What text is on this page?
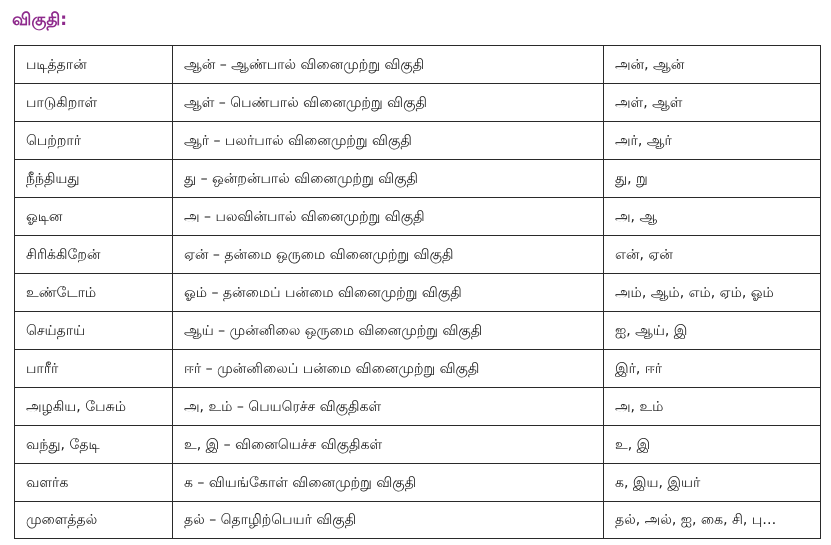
விகுதி:
படித்தான்	ஆன் – ஆண்பால் வினைமுற்று விகுதி	அன், ஆன்
பாடுகிறாள்	ஆள் – பெண்பால் வினைமுற்று விகுதி	அள், ஆள்
பெற்றார்	ஆர் – பலர்பால் வினைமுற்று விகுதி	அர், ஆர்
நீந்தியது	து – ஒன்றன்பால் வினைமுற்று விகுதி	து, று
ஓடின	அ – பலவின்பால் வினைமுற்று விகுதி	அ, ஆ
சிரிக்கிறேன்	ஏன் – தன்மை ஒருமை வினைமுற்று விகுதி	என், ஏன்
உண்டோம்	ஓம் – தன்மைப் பன்மை வினைமுற்று விகுதி	அம், ஆம், எம், ஏம், ஓம்
செய்தாய்	ஆய் – முன்னிலை ஒருமை வினைமுற்று விகுதி	ஐ, ஆய், இ
பாரீர்	ஈர் – முன்னிலைப் பன்மை வினைமுற்று விகுதி	இர், ஈர்
அழகிய, பேசும்	அ, உம் – பெயரெச்ச விகுதிகள்	அ, உம்
வந்து, தேடி	உ, இ – வினையெச்ச விகுதிகள்	உ, இ
வளர்க	க – வியங்கோள் வினைமுற்று விகுதி	க, இய, இயர்
முளைத்தல்	தல் – தொழிற்பெயர் விகுதி	தல், அல், ஐ, கை, சி, பு…
